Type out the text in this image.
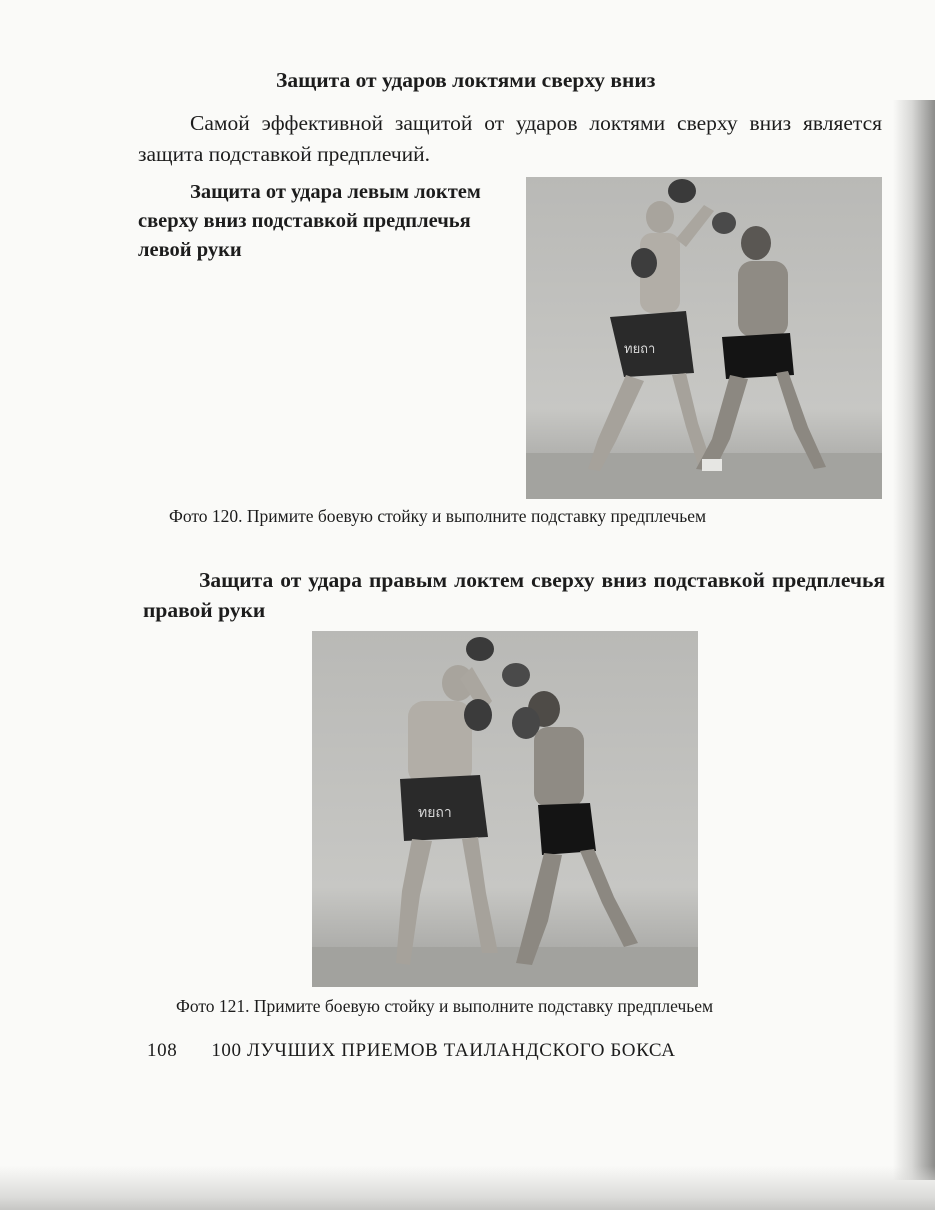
Защита от ударов локтями сверху вниз

Самой эффективной защитой от ударов локтями сверху вниз является защита подставкой предплечий.

Защита от удара левым локтем сверху вниз подставкой предплечья левой руки

ทยถา
Фото 120. Примите боевую стойку и выполните подставку предплечьем

Защита от удара правым локтем сверху вниз подставкой предплечья правой руки

ทยถา
Фото 121. Примите боевую стойку и выполните подставку предплечьем
108 100 ЛУЧШИХ ПРИЕМОВ ТАИЛАНДСКОГО БОКСА
